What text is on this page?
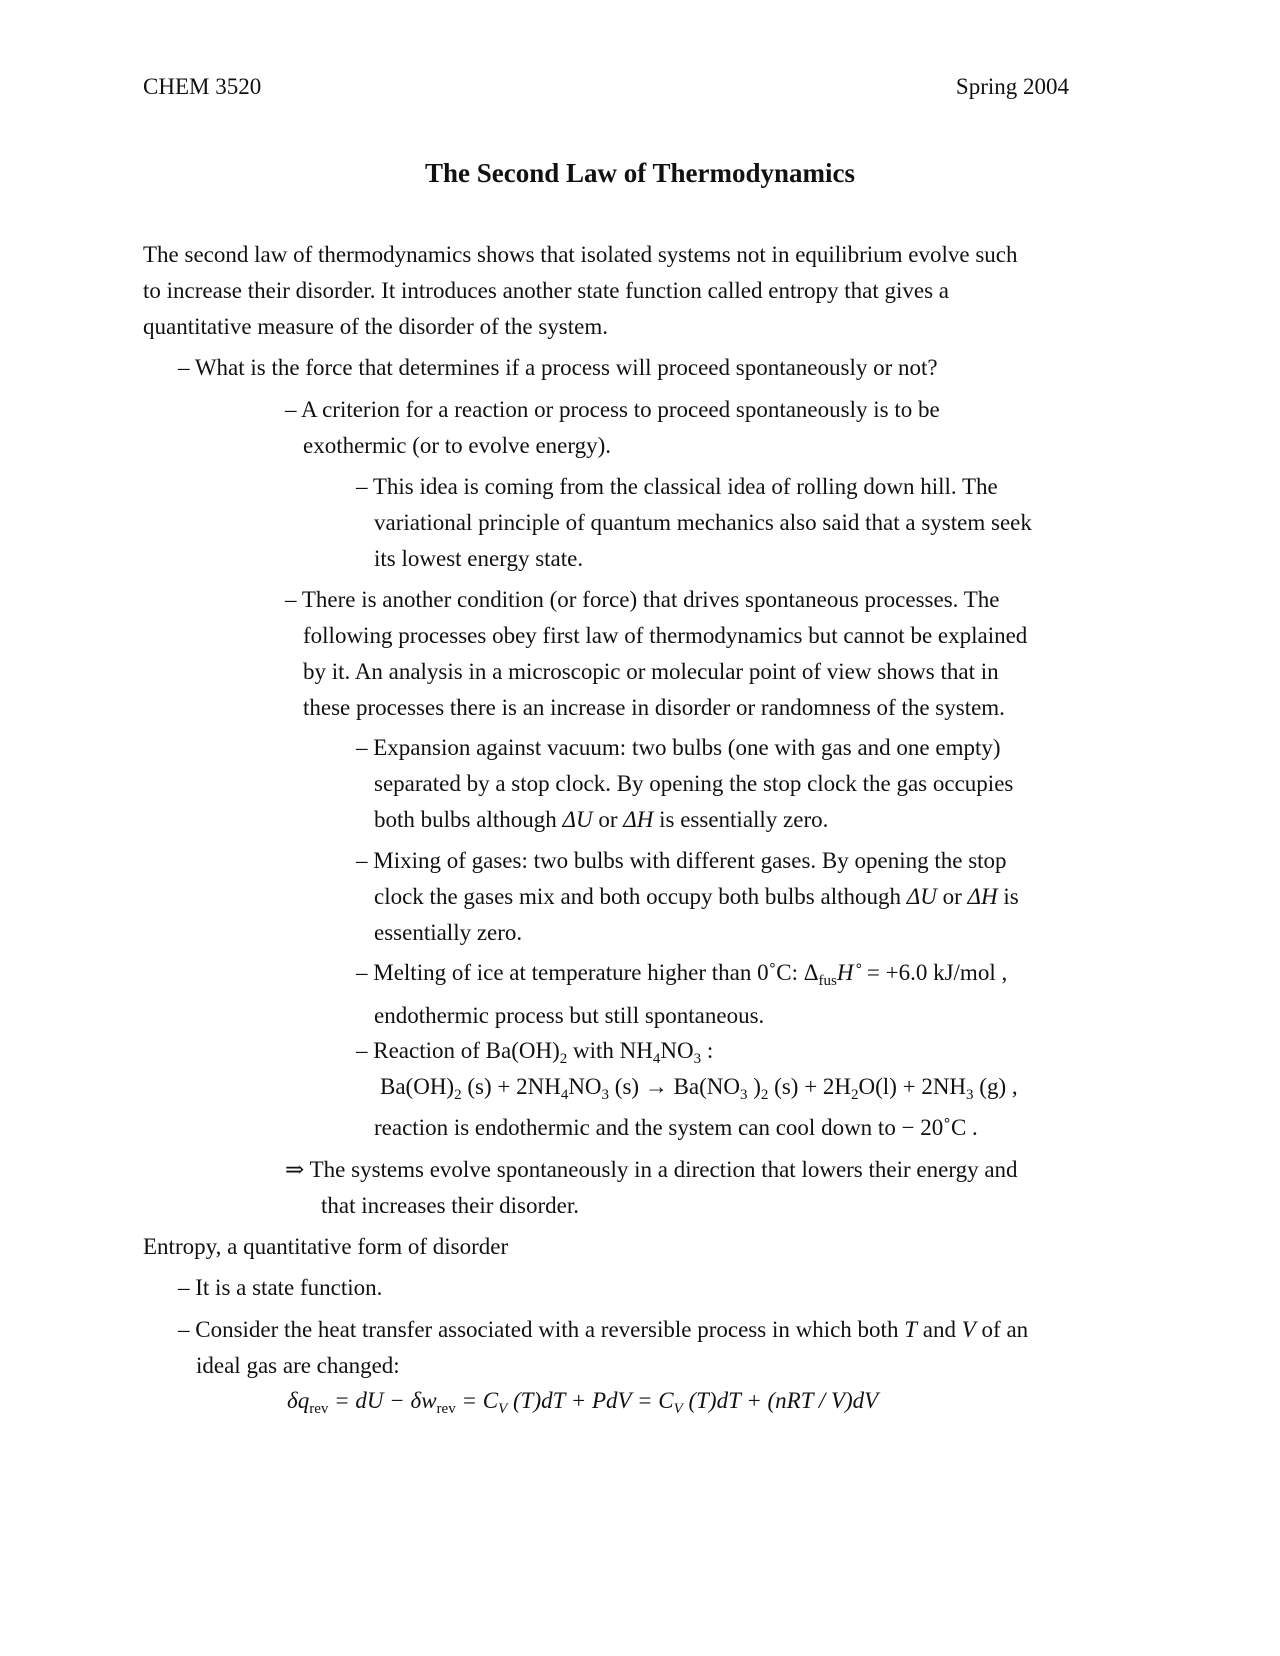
CHEM 3520	Spring 2004
The Second Law of Thermodynamics
The second law of thermodynamics shows that isolated systems not in equilibrium evolve such
to increase their disorder. It introduces another state function called entropy that gives a
quantitative measure of the disorder of the system.
– What is the force that determines if a process will proceed spontaneously or not?
– A criterion for a reaction or process to proceed spontaneously is to be
exothermic (or to evolve energy).
– This idea is coming from the classical idea of rolling down hill. The
variational principle of quantum mechanics also said that a system seek
its lowest energy state.
– There is another condition (or force) that drives spontaneous processes. The
following processes obey first law of thermodynamics but cannot be explained
by it. An analysis in a microscopic or molecular point of view shows that in
these processes there is an increase in disorder or randomness of the system.
– Expansion against vacuum: two bulbs (one with gas and one empty)
separated by a stop clock. By opening the stop clock the gas occupies
both bulbs although ΔU or ΔH is essentially zero.
– Mixing of gases: two bulbs with different gases. By opening the stop
clock the gases mix and both occupy both bulbs although ΔU or ΔH is
essentially zero.
– Melting of ice at temperature higher than 0˚C: $\Delta_{fus}H˚ = +6.0$ kJ/mol ,
endothermic process but still spontaneous.
– Reaction of $Ba(OH)_2$ with $NH_4NO_3$ :
$Ba(OH)_2$ $(s) + 2NH_4NO_3$ $(s) \to Ba(NO_3$ )$_2$ $(s) + 2H_2O(l) + 2NH_3$ (g) ,
reaction is endothermic and the system can cool down to − 20˚C .
⇒ The systems evolve spontaneously in a direction that lowers their energy and
that increases their disorder.
Entropy, a quantitative form of disorder
– It is a state function.
– Consider the heat transfer associated with a reversible process in which both T and V of an
ideal gas are changed:
$\delta q_{rev}$ = dU − $\delta w_{rev} = C_V$ (T)dT + PdV = $C_V$ (T)dT + (nRT / V)dV
